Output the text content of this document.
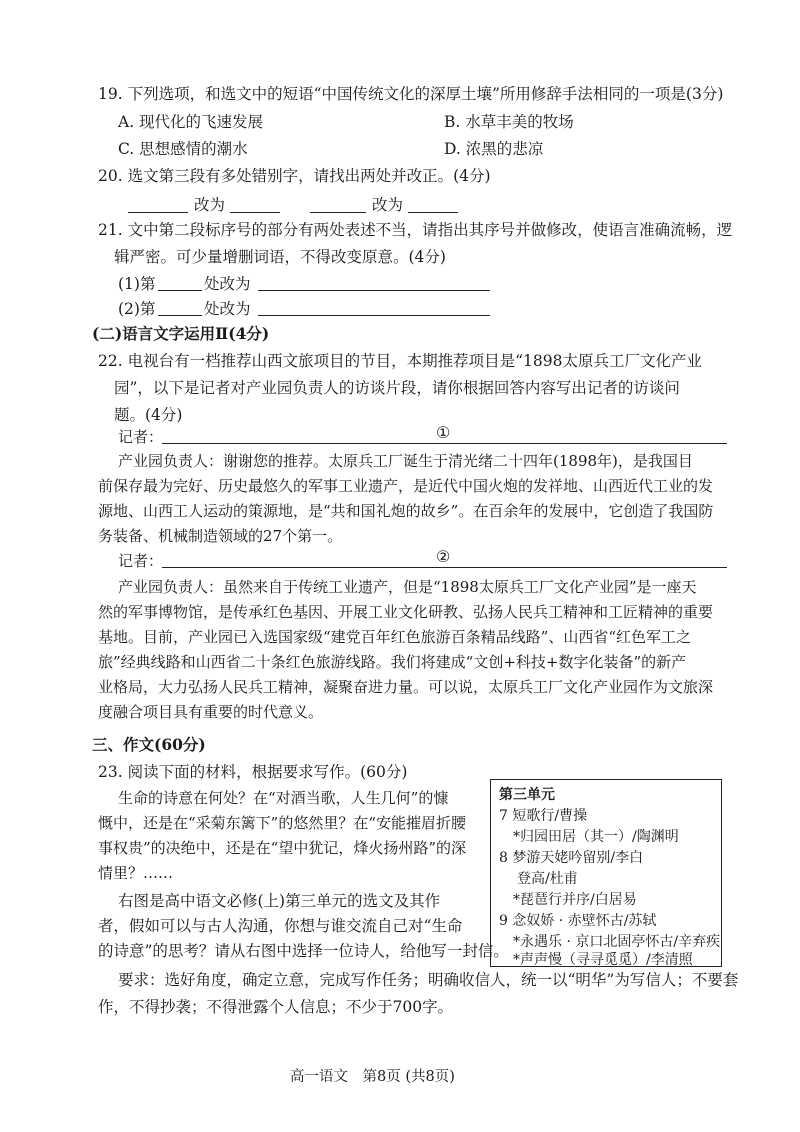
19. 下列选项，和选文中的短语“中国传统文化的深厚土壤”所用修辞手法相同的一项是(3分)
A. 现代化的飞速发展	B. 水草丰美的牧场
C. 思想感情的潮水	D. 浓黑的悲凉
20. 选文第三段有多处错别字，请找出两处并改正。(4分)
改为	改为
21. 文中第二段标序号的部分有两处表述不当，请指出其序号并做修改，使语言准确流畅，逻
辑严密。可少量增删词语，不得改变原意。(4分)
(1)第	处改为
(2)第	处改为
(二)语言文字运用Ⅱ(4分)
22. 电视台有一档推荐山西文旅项目的节目，本期推荐项目是“1898太原兵工厂文化产业
园”，以下是记者对产业园负责人的访谈片段，请你根据回答内容写出记者的访谈问
题。(4分)
记者：	①
产业园负责人：谢谢您的推荐。太原兵工厂诞生于清光绪二十四年(1898年)，是我国目
前保存最为完好、历史最悠久的军事工业遗产，是近代中国火炮的发祥地、山西近代工业的发
源地、山西工人运动的策源地，是“共和国礼炮的故乡”。在百余年的发展中，它创造了我国防
务装备、机械制造领域的27个第一。
记者：	②
产业园负责人：虽然来自于传统工业遗产，但是“1898太原兵工厂文化产业园”是一座天
然的军事博物馆，是传承红色基因、开展工业文化研教、弘扬人民兵工精神和工匠精神的重要
基地。目前，产业园已入选国家级“建党百年红色旅游百条精品线路”、山西省“红色军工之
旅”经典线路和山西省二十条红色旅游线路。我们将建成“文创+科技+数字化装备”的新产
业格局，大力弘扬人民兵工精神，凝聚奋进力量。可以说，太原兵工厂文化产业园作为文旅深
度融合项目具有重要的时代意义。
三、作文(60分)
23. 阅读下面的材料，根据要求写作。(60分)
生命的诗意在何处？在“对酒当歌，人生几何”的慷
慨中，还是在“采菊东篱下”的悠然里？在“安能摧眉折腰
事权贵”的决绝中，还是在“望中犹记，烽火扬州路”的深
情里？……
右图是高中语文必修(上)第三单元的选文及其作
者，假如可以与古人沟通，你想与谁交流自己对“生命
的诗意”的思考？请从右图中选择一位诗人，给他写一封信。
第三单元
7 短歌行/曹操
*归园田居（其一）/陶渊明
8 梦游天姥吟留别/李白
登高/杜甫
*琵琶行并序/白居易
9 念奴娇 · 赤壁怀古/苏轼
*永遇乐 · 京口北固亭怀古/辛弃疾
*声声慢（寻寻觅觅）/李清照
要求：选好角度，确定立意，完成写作任务；明确收信人，统一以“明华”为写信人；不要套
作，不得抄袭；不得泄露个人信息；不少于700字。
高一语文　第8页 (共8页)
